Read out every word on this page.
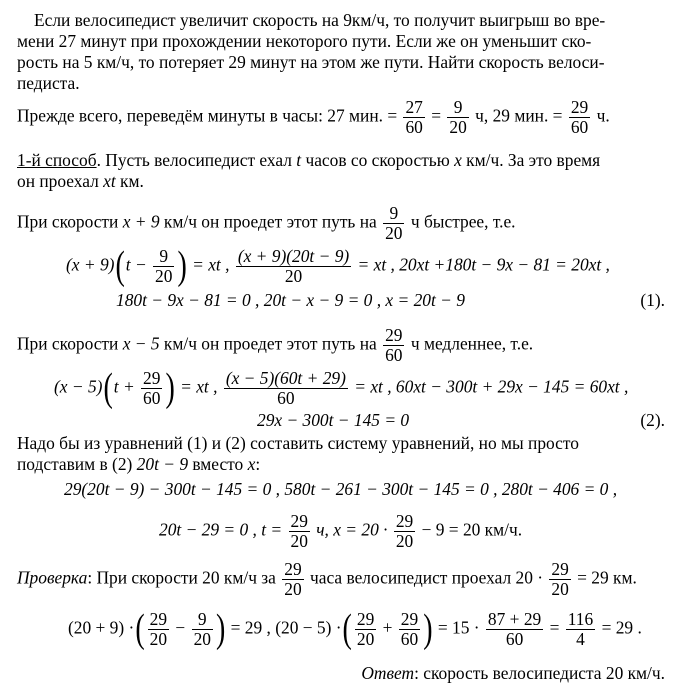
Если велосипедист увеличит скорость на 9км/ч, то получит выигрыш во вре-
мени 27 минут при прохождении некоторого пути. Если же он уменьшит ско-
рость на 5 км/ч, то потеряет 29 минут на этом же пути. Найти скорость велоси-
педиста.
Прежде всего, переведём минуты в часы: 27 мин. = $\frac{27}{60} = \frac{9}{20} ч$, 29 мин. = $\frac{29}{60} ч$.
1-й способ. Пусть велосипедист ехал t часов со скоростью x км/ч. За это время
он проехал xt км.
При скорости x + 9 км/ч он проедет этот путь на $\frac{9}{20}$ ч быстрее, т.е.
$(x + 9)(t - \frac{9}{20}$ ) = xt , $\frac{(x + 9)(20t - 9)}{20}$ = xt , 20xt +180t − 9x − 81 = 20xt ,
180t − 9x − 81 = 0 , 20t − x − 9 = 0 , x = 20t − 9	(1).
При скорости x − 5 км/ч он проедет этот путь на $\frac{29}{60}$ ч медленнее, т.е.
$(x - 5)(t + \frac{29}{60}$ ) = xt , $\frac{(x - 5)(60t + 29)}{60}$ = xt , 60xt − 300t + 29x − 145 = 60xt ,
29x − 300t − 145 = 0	(2).
Надо бы из уравнений (1) и (2) составить систему уравнений, но мы просто
подставим в (2) 20t − 9 вместо x:
29(20t − 9) − 300t − 145 = 0 , 580t − 261 − 300t − 145 = 0 , 280t − 406 = 0 ,
20t − 29 = 0 , $t = \frac{29}{20} ч$, $x = 20 \cdot \frac{29}{20} - 9 = 20$ км/ч.
Проверка: При скорости 20 км/ч за $\frac{29}{20}$ часа велосипедист проехал $20 \cdot \frac{29}{20} = 29$ км.
(20 + 9) ·( $\frac{29}{20} - \frac{9}{20}$ ) = 29 , (20 − 5) ·( $\frac{29}{20} + \frac{29}{60}$ ) = $15 \cdot \frac{87 + 29}{60} = \frac{116}{4} = 29$ .
Ответ: скорость велосипедиста 20 км/ч.
